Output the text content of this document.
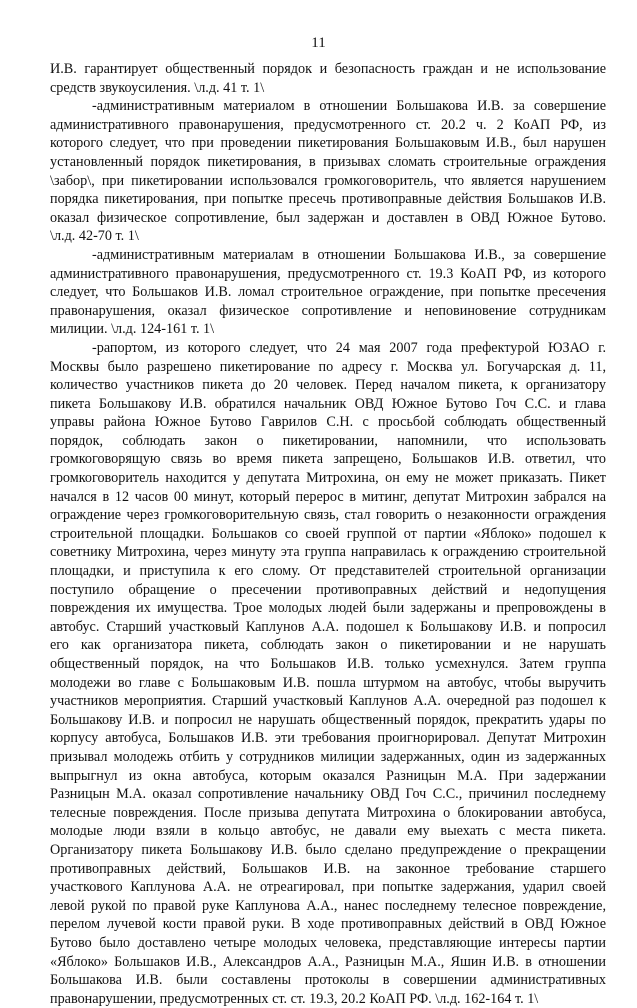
11
И.В. гарантирует общественный порядок и безопасность граждан и не использование
средств звукоусиления. \л.д. 41 т. 1\
-административным материалом в отношении Большакова И.В. за совершение
административного правонарушения, предусмотренного ст. 20.2 ч. 2 КоАП РФ, из
которого следует, что при проведении пикетирования Большаковым И.В., был нарушен
установленный порядок пикетирования, в призывах сломать строительные ограждения
\забор\, при пикетировании использовался громкоговоритель, что является нарушением
порядка пикетирования, при попытке пресечь противоправные действия Большаков И.В.
оказал физическое сопротивление, был задержан и доставлен в ОВД Южное Бутово.
\л.д. 42-70 т. 1\
-административным материалам в отношении Большакова И.В., за совершение
административного правонарушения, предусмотренного ст. 19.3 КоАП РФ, из которого
следует, что Большаков И.В. ломал строительное ограждение, при попытке пресечения
правонарушения, оказал физическое сопротивление и неповиновение сотрудникам
милиции. \л.д. 124-161 т. 1\
-рапортом, из которого следует, что 24 мая 2007 года префектурой ЮЗАО г.
Москвы было разрешено пикетирование по адресу г. Москва ул. Богучарская д. 11,
количество участников пикета до 20 человек. Перед началом пикета, к организатору
пикета Большакову И.В. обратился начальник ОВД Южное Бутово Гоч С.С. и глава
управы района Южное Бутово Гаврилов С.Н. с просьбой соблюдать общественный
порядок, соблюдать закон о пикетировании, напомнили, что использовать
громкоговорящую связь во время пикета запрещено, Большаков И.В. ответил, что
громкоговоритель находится у депутата Митрохина, он ему не может приказать. Пикет
начался в 12 часов 00 минут, который перерос в митинг, депутат Митрохин забрался на
ограждение через громкоговорительную связь, стал говорить о незаконности ограждения
строительной площадки. Большаков со своей группой от партии «Яблоко» подошел к
советнику Митрохина, через минуту эта группа направилась к ограждению строительной
площадки, и приступила к его слому. От представителей строительной организации
поступило обращение о пресечении противоправных действий и недопущения
повреждения их имущества. Трое молодых людей были задержаны и препровождены в
автобус. Старший участковый Каплунов А.А. подошел к Большакову И.В. и попросил
его как организатора пикета, соблюдать закон о пикетировании и не нарушать
общественный порядок, на что Большаков И.В. только усмехнулся. Затем группа
молодежи во главе с Большаковым И.В. пошла штурмом на автобус, чтобы выручить
участников мероприятия. Старший участковый Каплунов А.А. очередной раз подошел к
Большакову И.В. и попросил не нарушать общественный порядок, прекратить удары по
корпусу автобуса, Большаков И.В. эти требования проигнорировал. Депутат Митрохин
призывал молодежь отбить у сотрудников милиции задержанных, один из задержанных
выпрыгнул из окна автобуса, которым оказался Разницын М.А. При задержании
Разницын М.А. оказал сопротивление начальнику ОВД Гоч С.С., причинил последнему
телесные повреждения. После призыва депутата Митрохина о блокировании автобуса,
молодые люди взяли в кольцо автобус, не давали ему выехать с места пикета.
Организатору пикета Большакову И.В. было сделано предупреждение о прекращении
противоправных действий, Большаков И.В. на законное требование старшего
участкового Каплунова А.А. не отреагировал, при попытке задержания, ударил своей
левой рукой по правой руке Каплунова А.А., нанес последнему телесное повреждение,
перелом лучевой кости правой руки. В ходе противоправных действий в ОВД Южное
Бутово было доставлено четыре молодых человека, представляющие интересы партии
«Яблоко» Большаков И.В., Александров А.А., Разницын М.А., Яшин И.В. в отношении
Большакова И.В. были составлены протоколы в совершении административных
правонарушении, предусмотренных ст. ст. 19.3, 20.2 КоАП РФ. \л.д. 162-164 т. 1\
